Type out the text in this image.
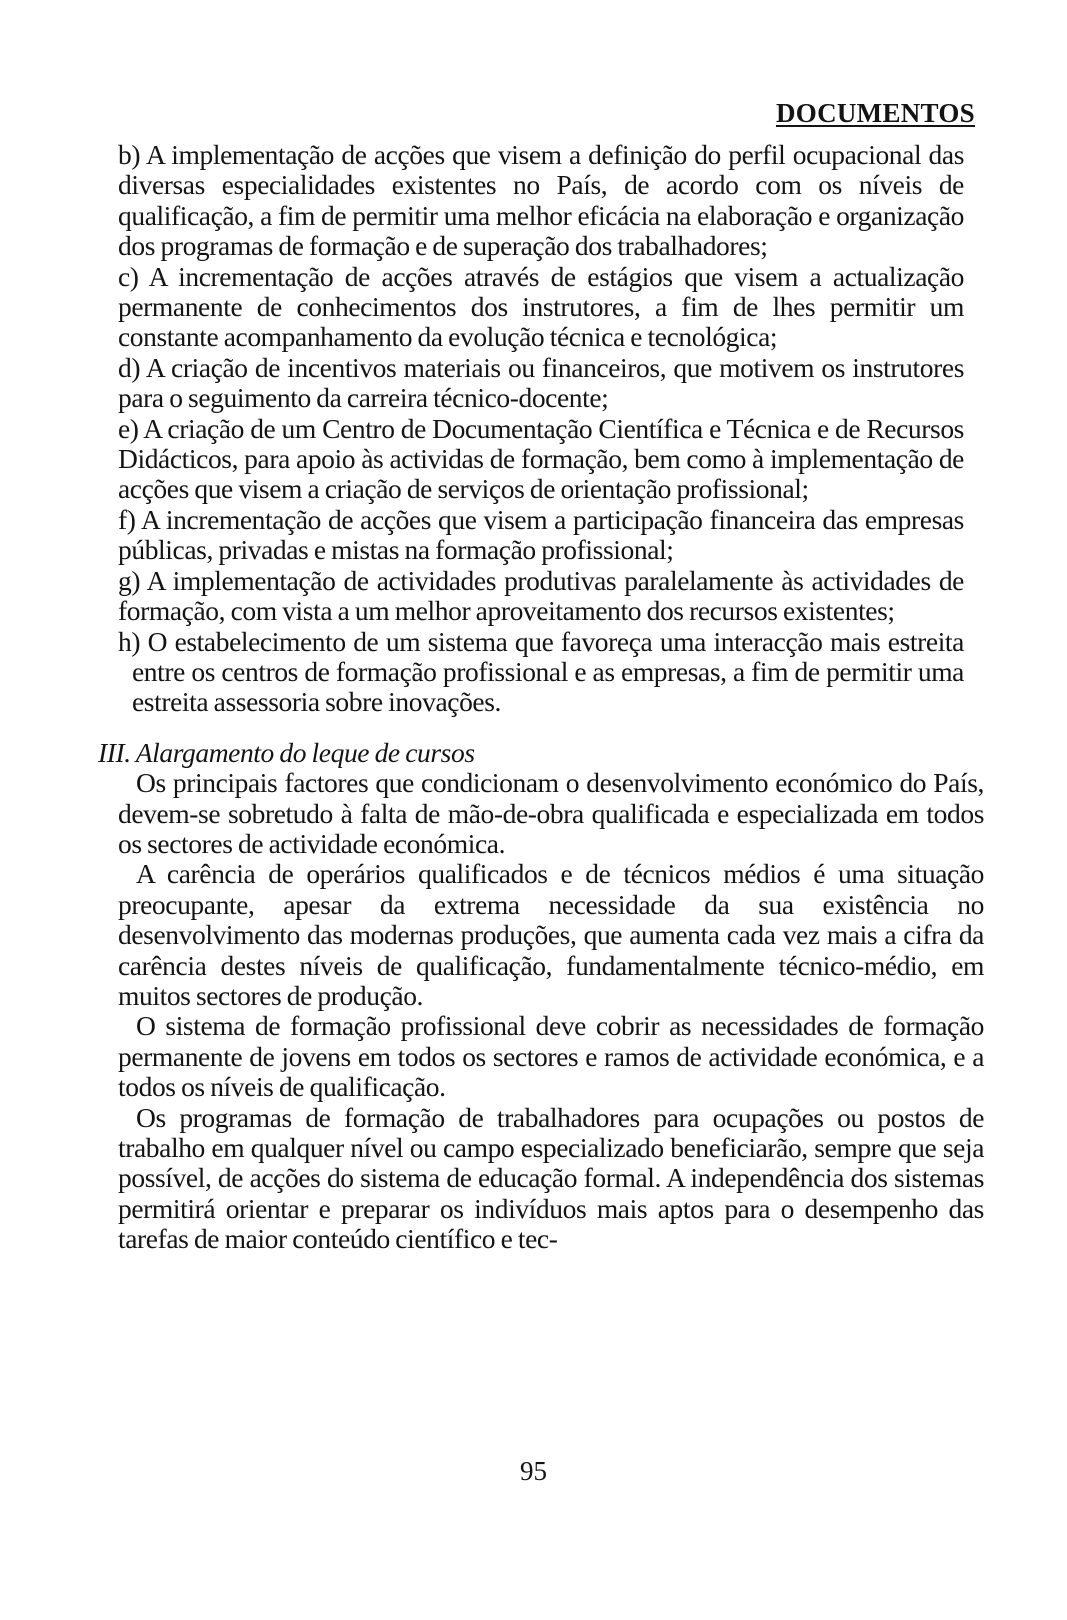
DOCUMENTOS

b) A implementação de acções que visem a definição do perfil ocupacional das diversas especialidades existentes no País, de acordo com os níveis de qualificação, a fim de permitir uma melhor eficácia na elaboração e organização dos programas de formação e de superação dos trabalhadores;

c) A incrementação de acções através de estágios que visem a actualização permanente de conhecimentos dos instrutores, a fim de lhes permitir um constante acompanhamento da evolução técnica e tecnológica;

d) A criação de incentivos materiais ou financeiros, que motivem os instrutores para o seguimento da carreira técnico-docente;

e) A criação de um Centro de Documentação Científica e Técnica e de Recursos Didácticos, para apoio às actividas de formação, bem como à implementação de acções que visem a criação de serviços de orientação profissional;

f) A incrementação de acções que visem a participação financeira das empresas públicas, privadas e mistas na formação profissional;

g) A implementação de actividades produtivas paralelamente às actividades de formação, com vista a um melhor aproveitamento dos recursos existentes;

h) O estabelecimento de um sistema que favoreça uma interacção mais estreita entre os centros de formação profissional e as empresas, a fim de permitir uma estreita assessoria sobre inovações.

III. Alargamento do leque de cursos

Os principais factores que condicionam o desenvolvimento económico do País, devem-se sobretudo à falta de mão-de-obra qualificada e especializada em todos os sectores de actividade económica.

A carência de operários qualificados e de técnicos médios é uma situação preocupante, apesar da extrema necessidade da sua existência no desenvolvimento das modernas produções, que aumenta cada vez mais a cifra da carência destes níveis de qualificação, fundamentalmente técnico-médio, em muitos sectores de produção.

O sistema de formação profissional deve cobrir as necessidades de formação permanente de jovens em todos os sectores e ramos de actividade económica, e a todos os níveis de qualificação.

Os programas de formação de trabalhadores para ocupações ou postos de trabalho em qualquer nível ou campo especializado beneficiarão, sempre que seja possível, de acções do sistema de educação formal. A independência dos sistemas permitirá orientar e preparar os indivíduos mais aptos para o desempenho das tarefas de maior conteúdo científico e tec-

95
